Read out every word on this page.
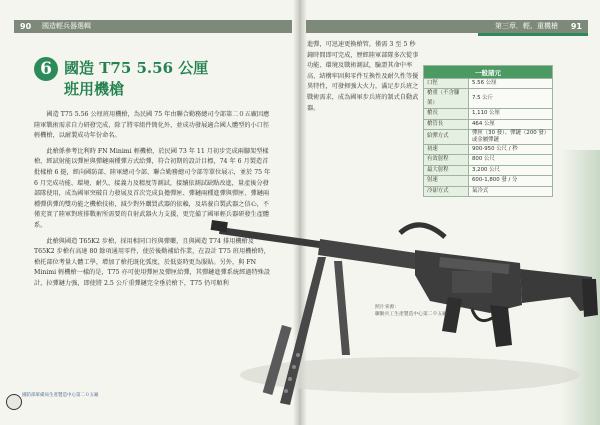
90 國造輕兵器選輯
6 國造 T75 5.56 公厘
班用機槍

國造 T75 5.56 公厘班用機槍，為民國 75 年由聯合勤務總司令部第二０五廠因應陸軍戰術需求自力研發完成，除了將零組件簡化外，並成功發展適合國人體型的小口徑輕機槍，以耐製成功年份命名。

此槍係參考比利時 FN Minimi 輕機槍，於民國 73 年 11 月初步完成兩腳架型樣槍，經試射能以彈匣與彈鏈兩種彈方式給彈，符合初期的設計目標，74 年 6 月製造首批樣槍 6 挺，經向國防部、陸軍總司令部、聯合勤務總司令部等單位展示，並於 75 年 6 月完成功能、環境、耐久、接義力及精度等測試，接續依測試缺點改進，量產後分發部隊使用，成為國軍突破自力發展及首次完成負擔彈匣、彈鏈兩種進彈與彈匣、彈鏈兩種彈供彈的雙功能之機槍技術，減少對外購買武器的依賴，及培養自製武器之信心，不僅充實了陸軍對班排戰術所需要的自射武器火力支援，更完備了國軍輕兵器研發生產體系。

此槍與國造 T65K2 步槍，採用相同口徑與彈藥，且與國造 T74 排用機槍及 T65K2 步槍有高達 80 餘項通用零件，使於後勤補給作業，在設計 T75 班用機槍時，槍托部位考量人體工學，增加了槍托既化弧度，於低姿時更為服貼。另外，與 FN Minimi 輕機槍一樣的是，T75 亦可使用彈匣及彈匣給彈，其彈鏈進彈系統經過特殊設計，拉彈鏈力強，即使將 2.5 公斤重彈鏈完全垂於槍下，T75 仍可順利

國防部軍備局生產製造中心第二０五廠
第三章．輕、重機槍 91

進彈，可迅速更換槍管，僅需 3 至 5 秒鐘時間即可完成，歷經陸軍部隊多次從事功能、環境及戰術測試，驗證其命中率高、結構牢固與零件互換性及耐久性等優異特性，可發揮強大火力，滿足步兵班之戰術需求，成為國軍步兵班的制式自動武器。

一般諸元	
口徑	5.56 公厘
槍重（不含腳架）	7.5 公斤
槍長	1,110 公厘
槍管長	464 公厘
給彈方式	彈匣（30 發）、彈鏈（200 發）或金屬彈鏈
初速	900-950 公尺 / 秒
有效射程	800 公尺
最大射程	3,200 公尺
射速	600-1,800 發 / 分
冷卻方式	氣冷式
照片來源：
聯勤兵工生產製造中心第二０五廠
